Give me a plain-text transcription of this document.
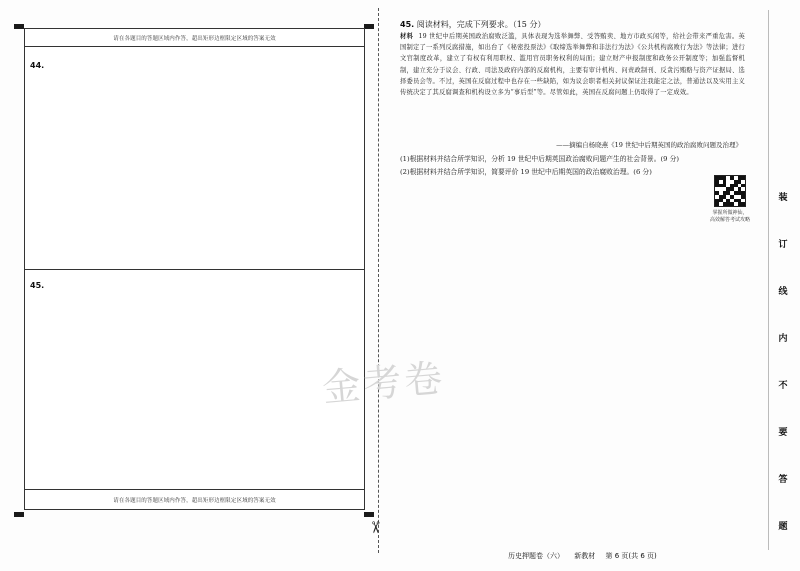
请在各题目的答题区域内作答，超出矩形边框限定区域的答案无效
44.
45.
请在各题目的答题区域内作答，超出矩形边框限定区域的答案无效
✂
金考卷
45. 阅读材料，完成下列要求。（15 分）
材料 19 世纪中后期英国政治腐败泛滥，具体表现为选举舞弊、受答贿卖、地方市政买闲等，给社会带来严重危害。英国制定了一系列反腐措施，如出台了《秘密投票法》《取缔选举舞弊和非法行为法》《公共机构腐败行为法》等法律；进行文官制度改革，建立了有权有利用职权、滥用官员职务权利的局面；建立财产申报制度和政务公开制度等；加强监督机制，建立充分于议会、行政、司法及政府内部的反腐机构，主要有审计机构、问责政制刊、反贪污贿赂与资产证据局、选择委员会等。不过，英国在反腐过程中也存在一些缺陷，如为议会职者相关封议保证注我能定之法，普通法以及实用主义传统决定了其反腐调查和机构设立多为“事后型”等。尽管如此，英国在反腐问题上仍取得了一定成效。
——摘编自杨晓燕《19 世纪中后期英国的政治腐败问题及治理》
(1)根据材料并结合所学知识，分析 19 世纪中后期英国政治腐败问题产生的社会背景。(9 分)
(2)根据材料并结合所学知识，简要评价 19 世纪中后期英国的政治腐败治理。(6 分)
掌握所做神仙，
高效解答考试攻略
装
订
线
内
不
要
答
题
历史押题卷（六） 新教材 第 6 页(共 6 页)
